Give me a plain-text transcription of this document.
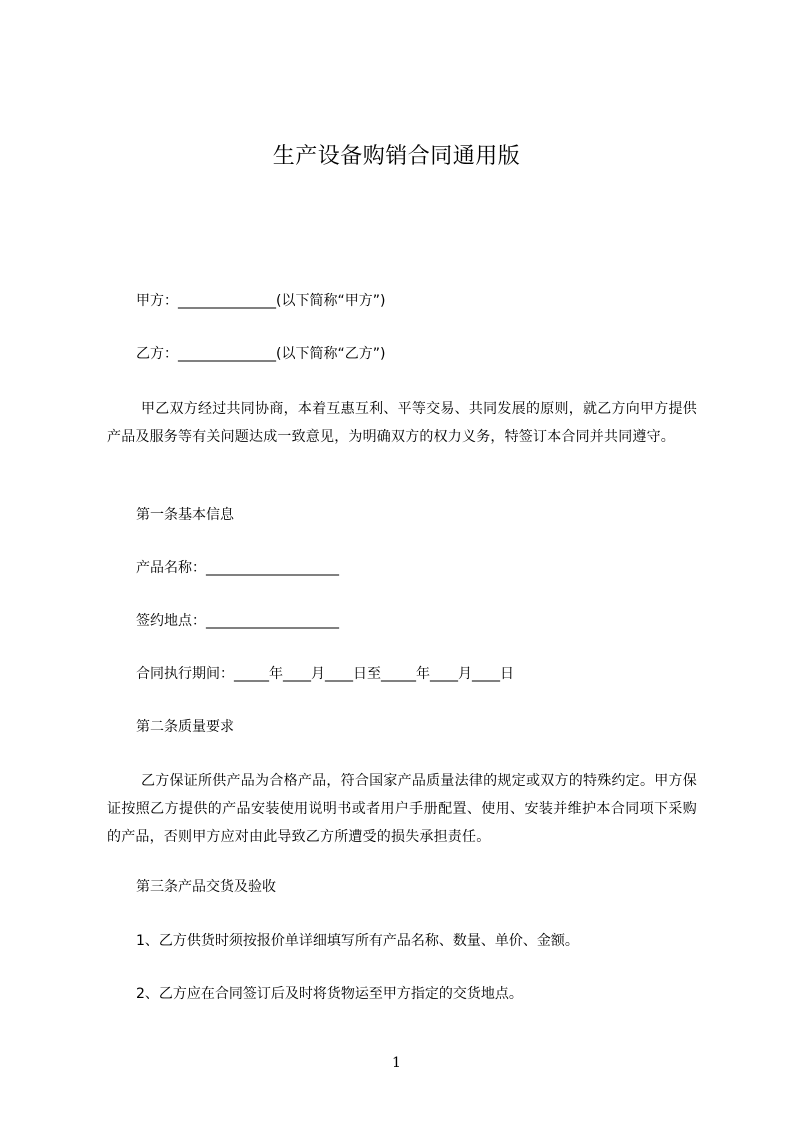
生产设备购销合同通用版
甲方：______________(以下简称“甲方”)
乙方：______________(以下简称“乙方”)
甲乙双方经过共同协商，本着互惠互利、平等交易、共同发展的原则，就乙方向甲方提供产品及服务等有关问题达成一致意见，为明确双方的权力义务，特签订本合同并共同遵守。
第一条基本信息
产品名称：___________________
签约地点：___________________
合同执行期间：_____年____月____日至_____年____月____日
第二条质量要求
乙方保证所供产品为合格产品，符合国家产品质量法律的规定或双方的特殊约定。甲方保证按照乙方提供的产品安装使用说明书或者用户手册配置、使用、安装并维护本合同项下采购的产品，否则甲方应对由此导致乙方所遭受的损失承担责任。
第三条产品交货及验收
1、乙方供货时须按报价单详细填写所有产品名称、数量、单价、金额。
2、乙方应在合同签订后及时将货物运至甲方指定的交货地点。
1
